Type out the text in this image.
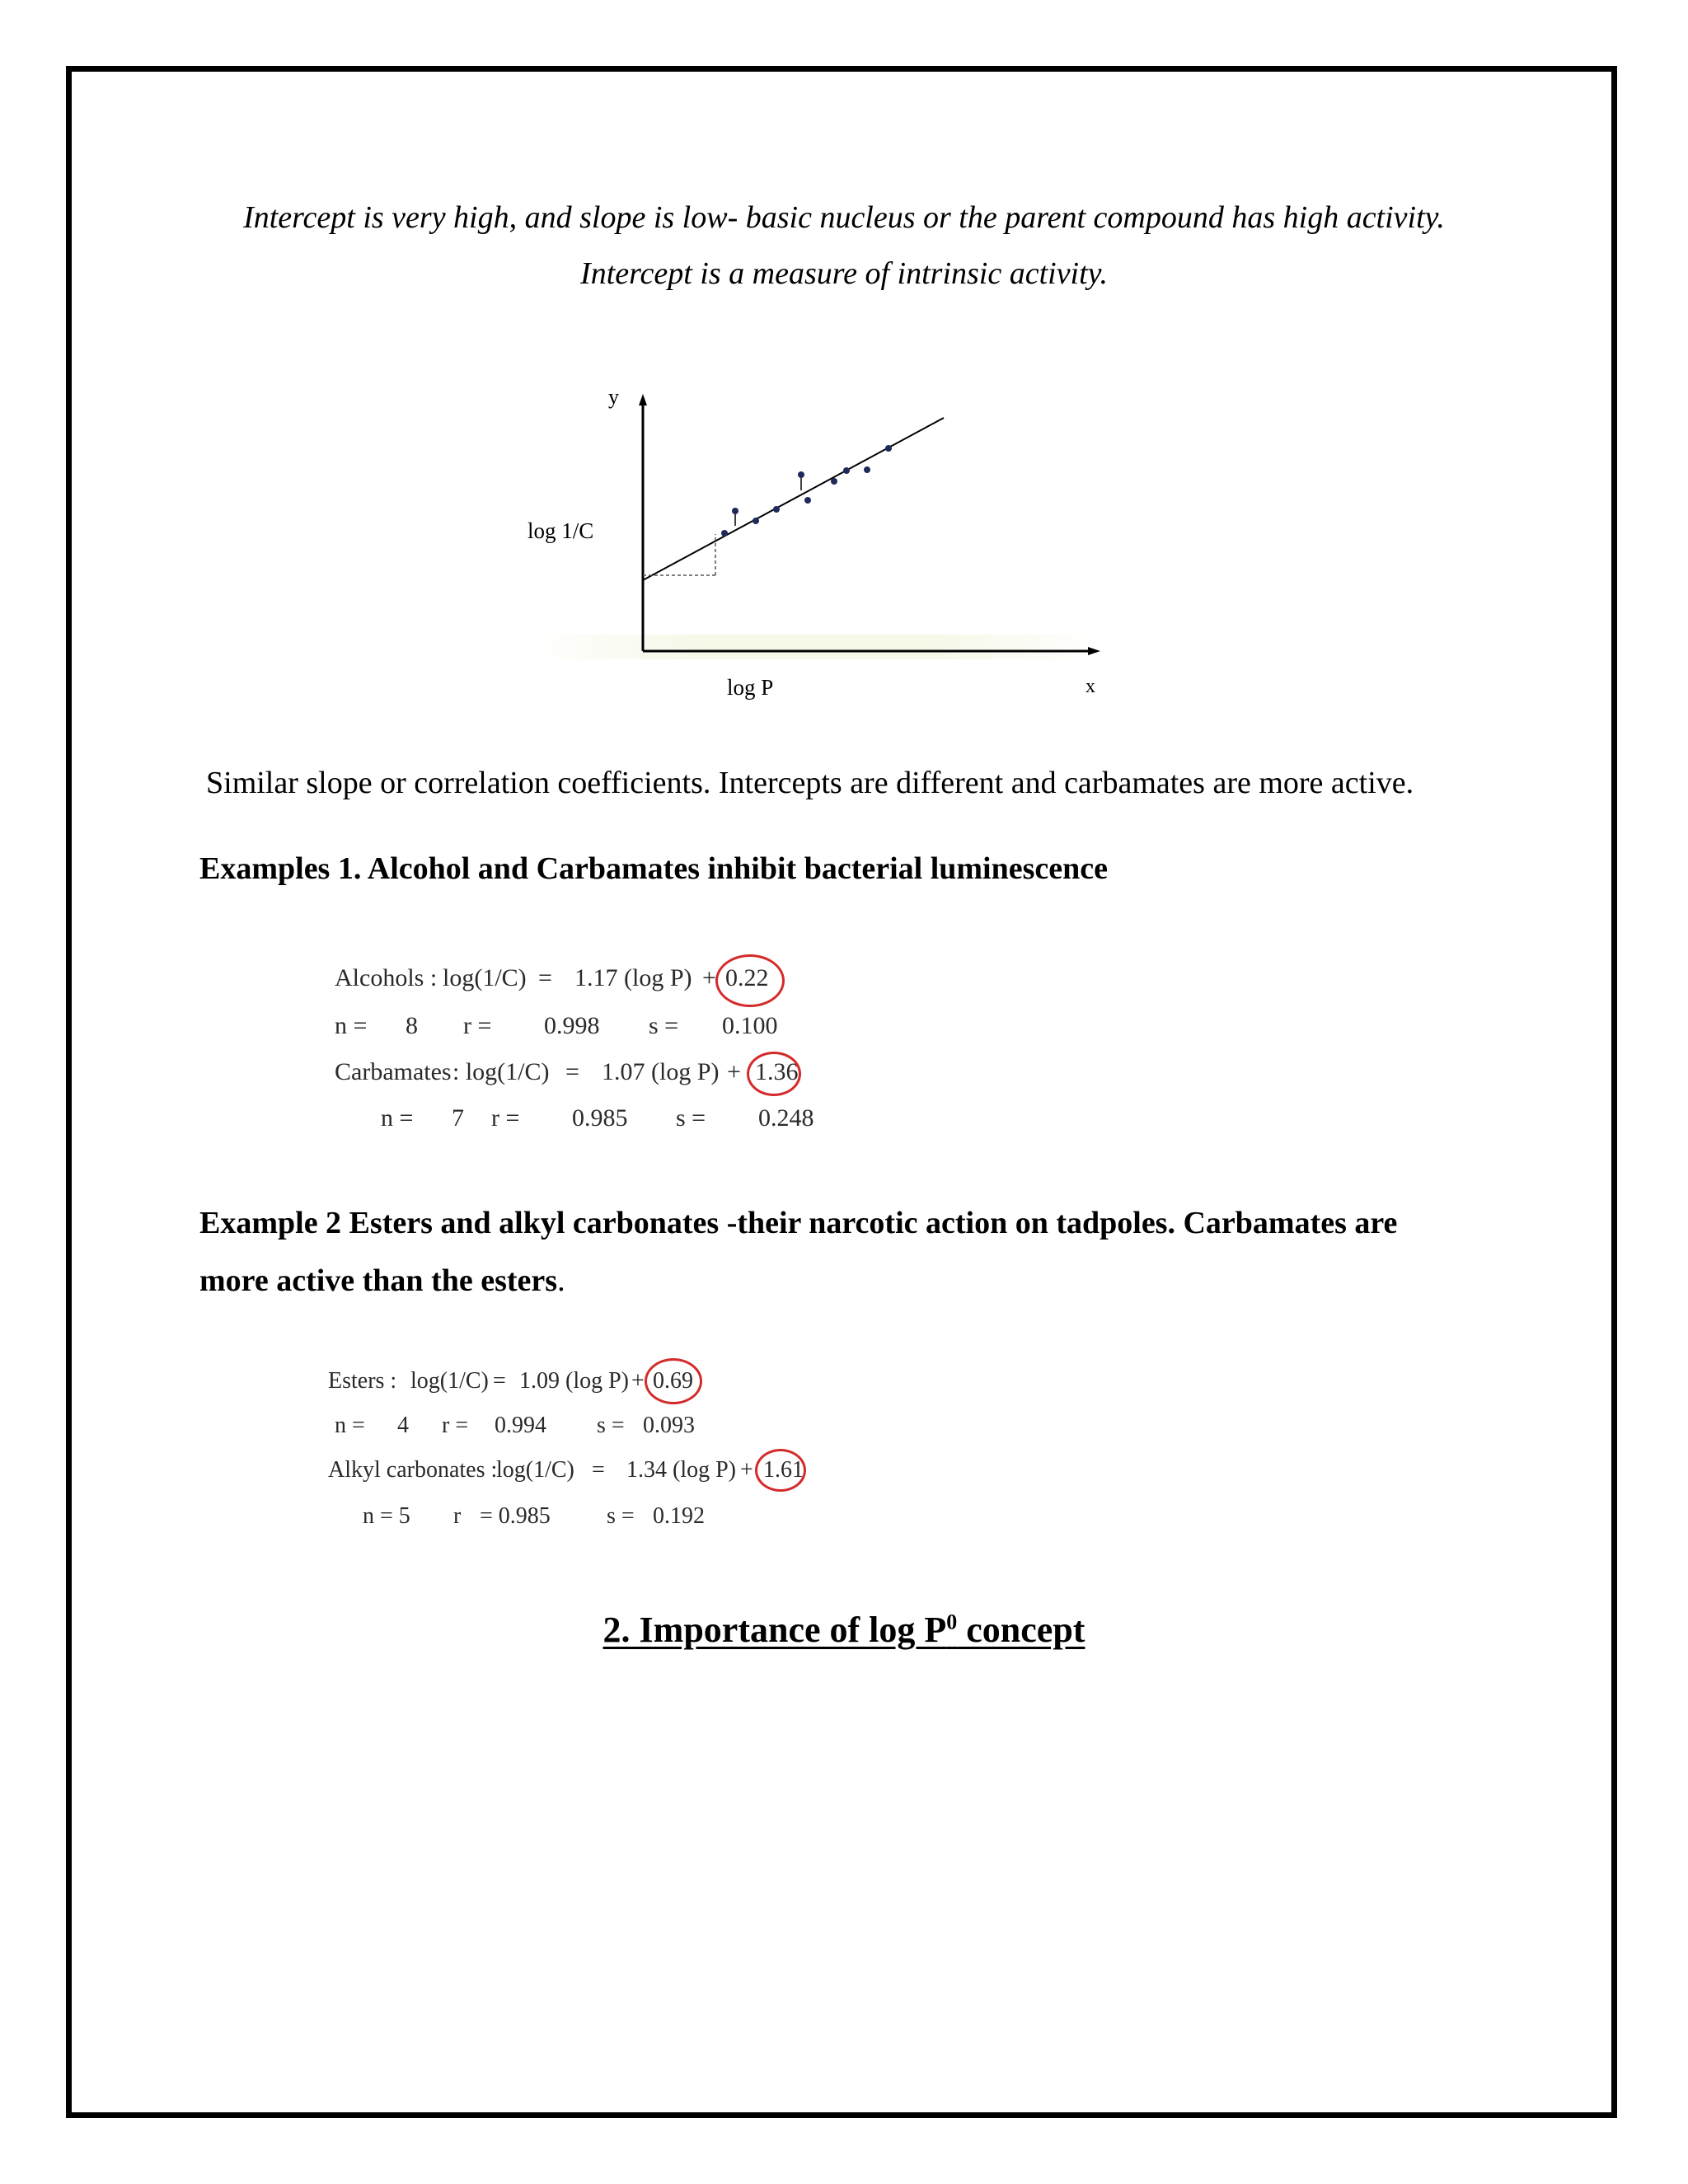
Intercept is very high, and slope is low- basic nucleus or the parent compound has high activity.
Intercept is a measure of intrinsic activity.
y
log 1/C
log P	x
Similar slope or correlation coefficients. Intercepts are different and carbamates are more active.
Examples 1. Alcohol and Carbamates inhibit bacterial luminescence
Alcohols : log(1/C) = 1.17 (log P) + 0.22
n = 8 r = 0.998 s = 0.100
Carbamates : log(1/C) = 1.07 (log P) + 1.36
n = 7 r = 0.985 s = 0.248
Example 2 Esters and alkyl carbonates -their narcotic action on tadpoles. Carbamates are
more active than the esters.
Esters : log(1/C) = 1.09 (log P) + 0.69
n = 4 r = 0.994 s = 0.093
Alkyl carbonates :
log(1/C) = 1.34 (log P) + 1.61
n = 5 r = 0.985 s = 0.192
2. Importance of $\log P^0$ concept
